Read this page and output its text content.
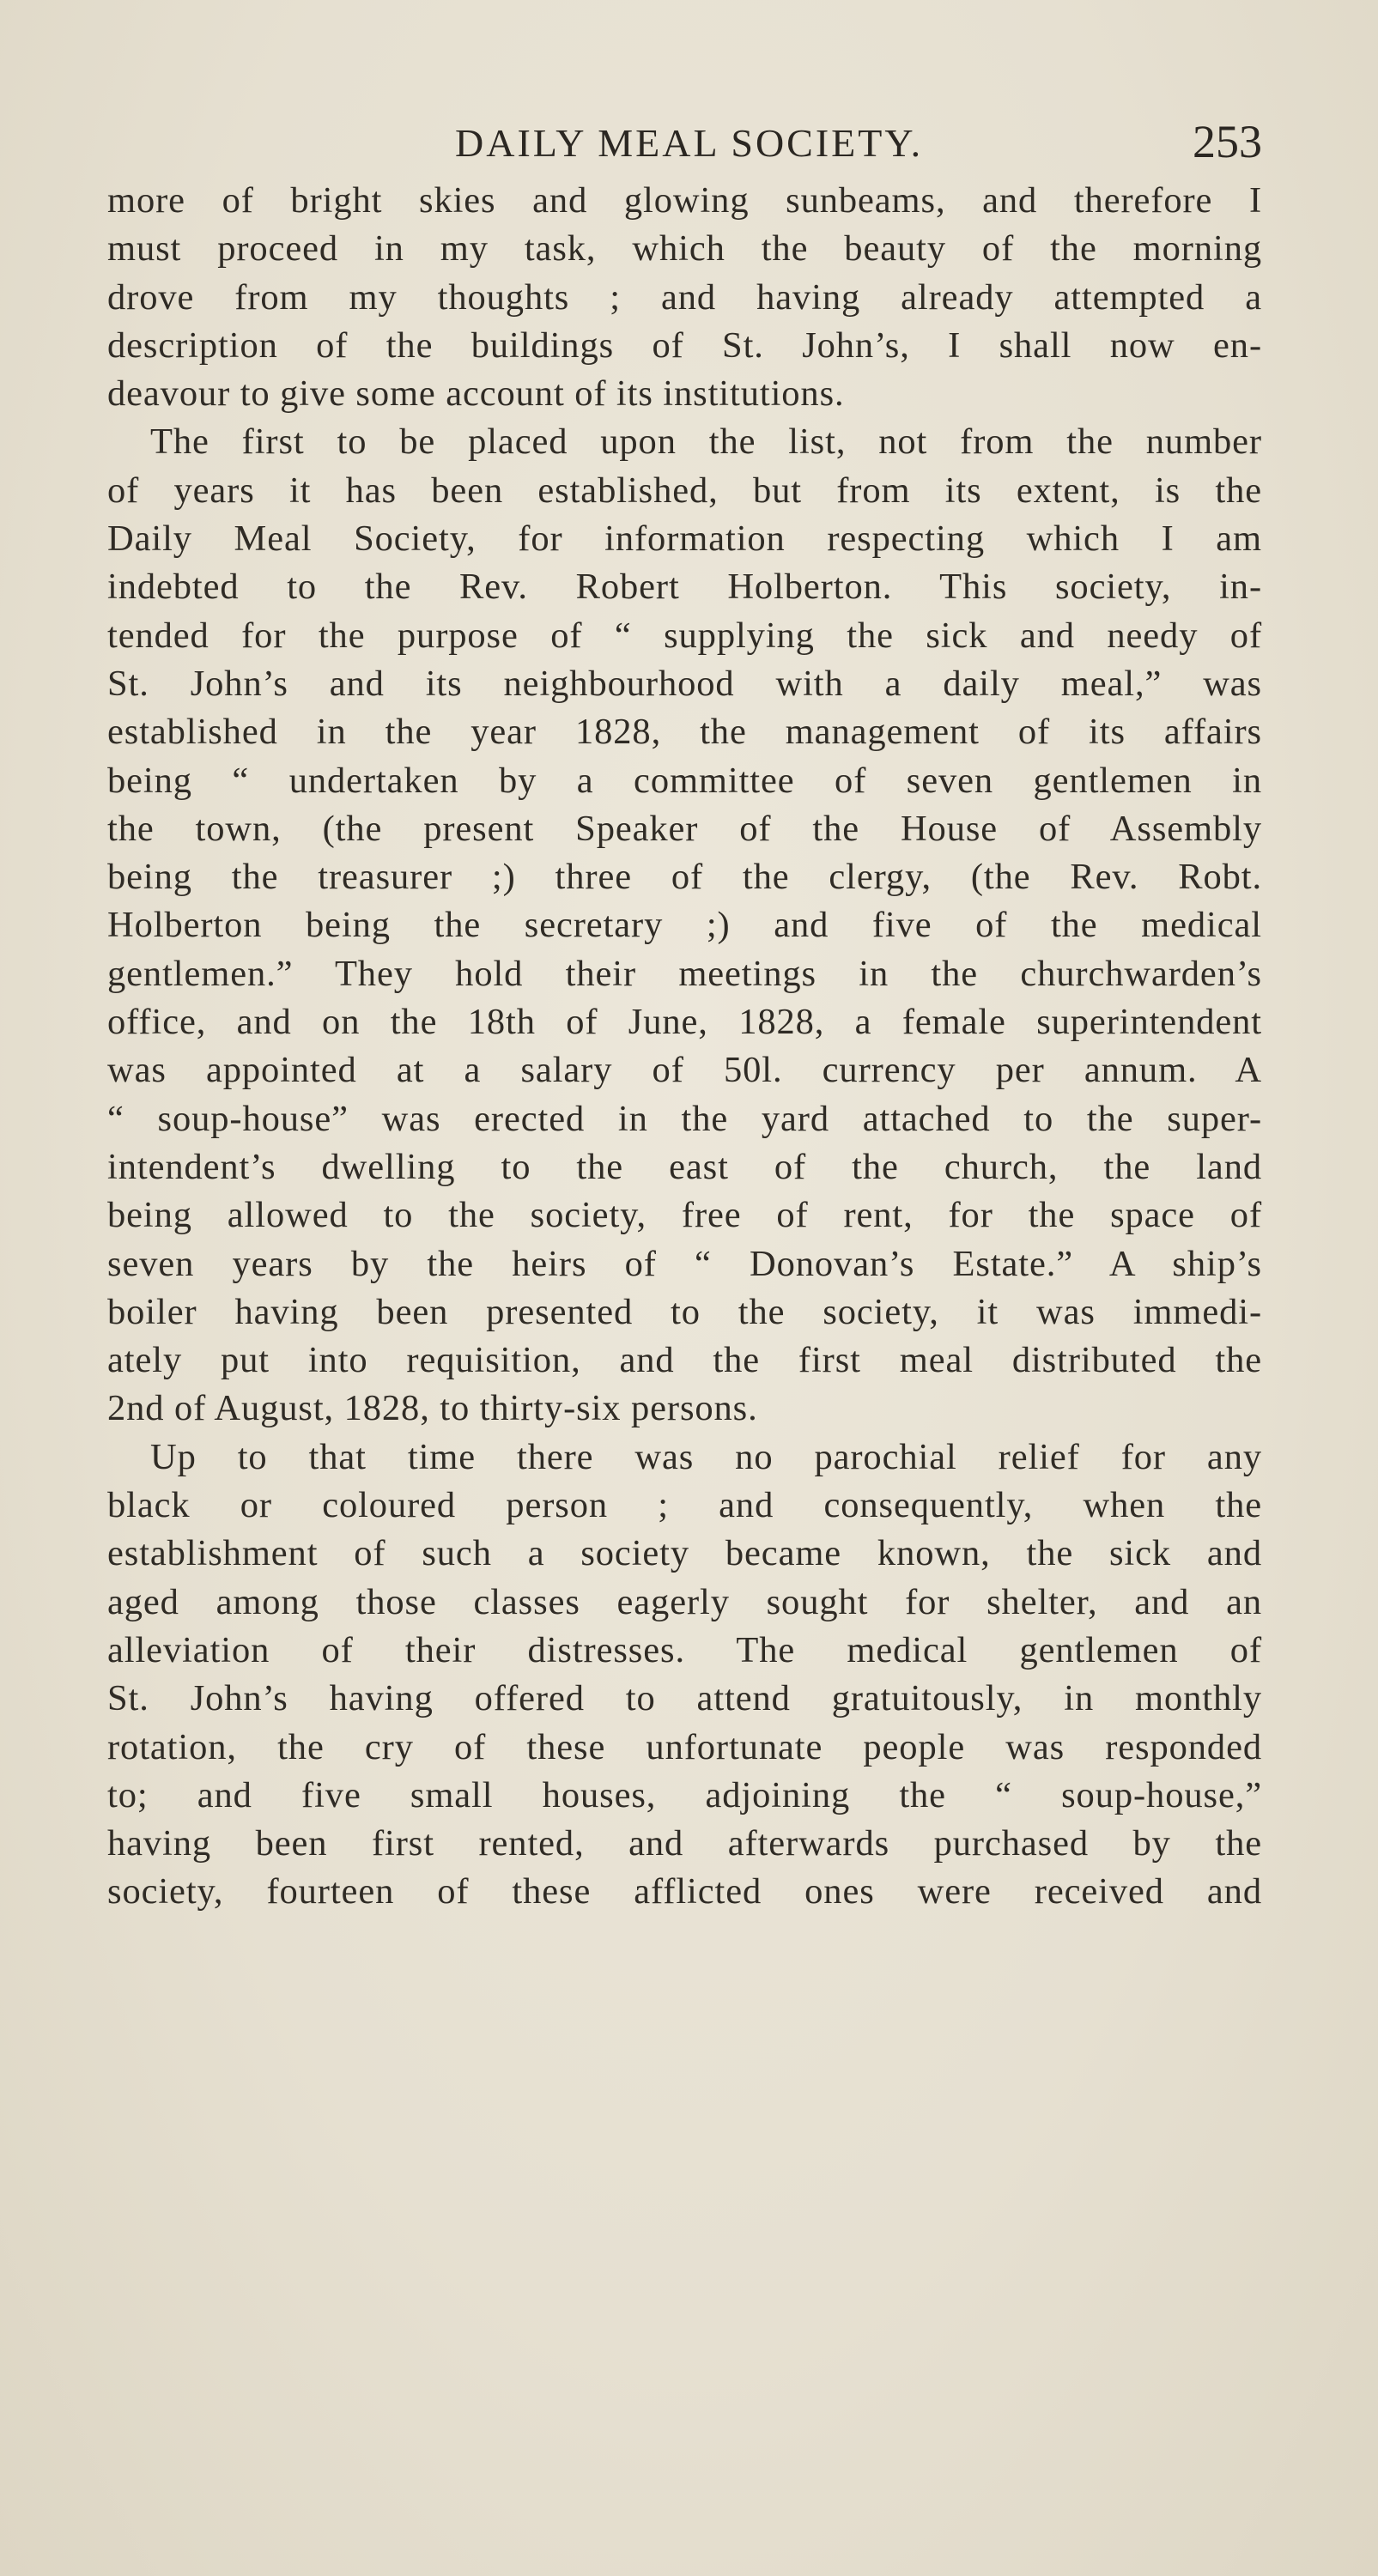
DAILY MEAL SOCIETY.	253
more of bright skies and glowing sunbeams, and therefore I
must proceed in my task, which the beauty of the morning
drove from my thoughts ; and having already attempted a
description of the buildings of St. John’s, I shall now en-
deavour to give some account of its institutions.
The first to be placed upon the list, not from the number
of years it has been established, but from its extent, is the
Daily Meal Society, for information respecting which I am
indebted to the Rev. Robert Holberton. This society, in-
tended for the purpose of “ supplying the sick and needy of
St. John’s and its neighbourhood with a daily meal,” was
established in the year 1828, the management of its affairs
being “ undertaken by a committee of seven gentlemen in
the town, (the present Speaker of the House of Assembly
being the treasurer ;) three of the clergy, (the Rev. Robt.
Holberton being the secretary ;) and five of the medical
gentlemen.” They hold their meetings in the churchwarden’s
office, and on the 18th of June, 1828, a female superintendent
was appointed at a salary of 50l. currency per annum. A
“ soup-house” was erected in the yard attached to the super-
intendent’s dwelling to the east of the church, the land
being allowed to the society, free of rent, for the space of
seven years by the heirs of “ Donovan’s Estate.” A ship’s
boiler having been presented to the society, it was immedi-
ately put into requisition, and the first meal distributed the
2nd of August, 1828, to thirty-six persons.
Up to that time there was no parochial relief for any
black or coloured person ; and consequently, when the
establishment of such a society became known, the sick and
aged among those classes eagerly sought for shelter, and an
alleviation of their distresses. The medical gentlemen of
St. John’s having offered to attend gratuitously, in monthly
rotation, the cry of these unfortunate people was responded
to; and five small houses, adjoining the “ soup-house,”
having been first rented, and afterwards purchased by the
society, fourteen of these afflicted ones were received and
